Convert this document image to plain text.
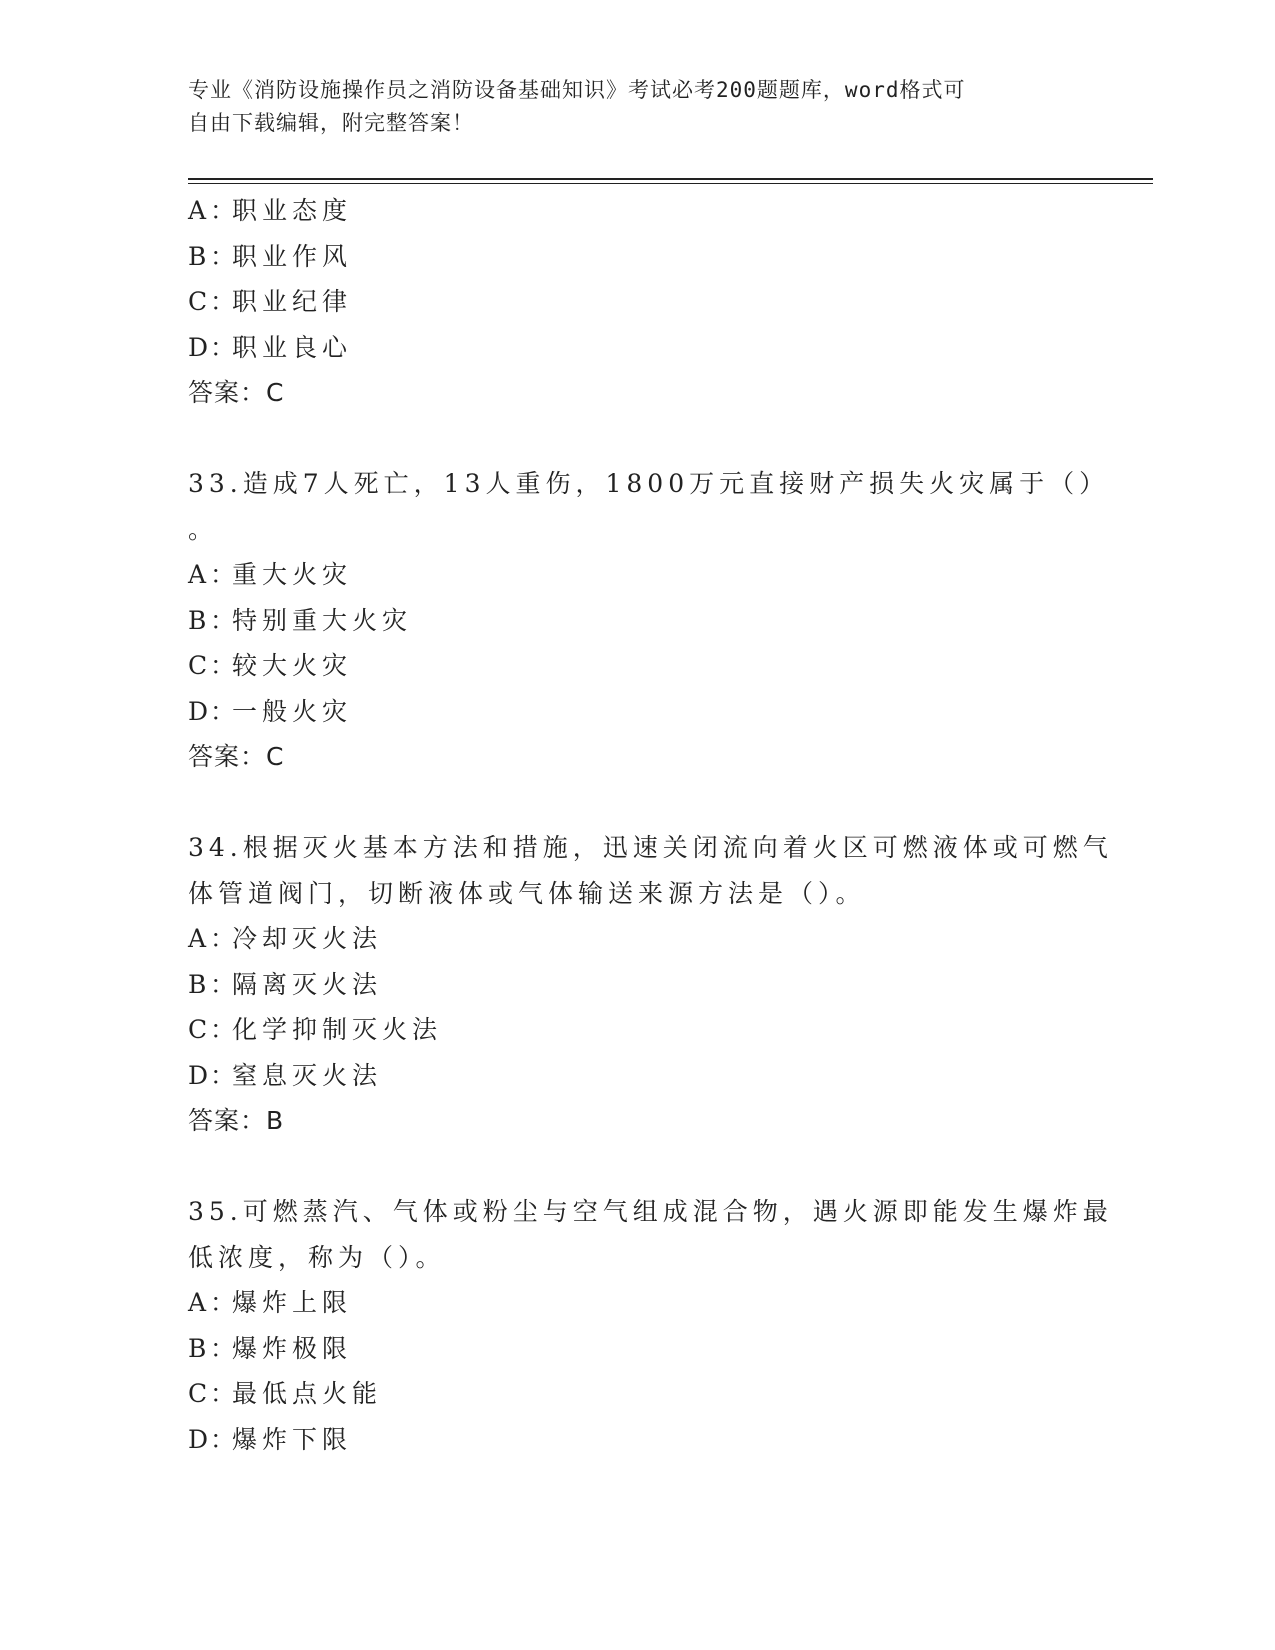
专业《消防设施操作员之消防设备基础知识》考试必考200题题库，word格式可
自由下载编辑，附完整答案！
A ：职业态度
B ：职业作风
C ：职业纪律
D：职业良心
答案：C
33.造成7人死亡，13人重伤，1800万元直接财产损失火灾属于（）
。
A ：重大火灾
B ：特别重大火灾
C ：较大火灾
D：一般火灾
答案：C
34.根据灭火基本方法和措施，迅速关闭流向着火区可燃液体或可燃气
体管道阀门，切断液体或气体输送来源方法是（）。
A ：冷却灭火法
B ：隔离灭火法
C ：化学抑制灭火法
D：窒息灭火法
答案：B
35.可燃蒸汽、气体或粉尘与空气组成混合物，遇火源即能发生爆炸最
低浓度，称为（）。
A ：爆炸上限
B ：爆炸极限
C ：最低点火能
D：爆炸下限
